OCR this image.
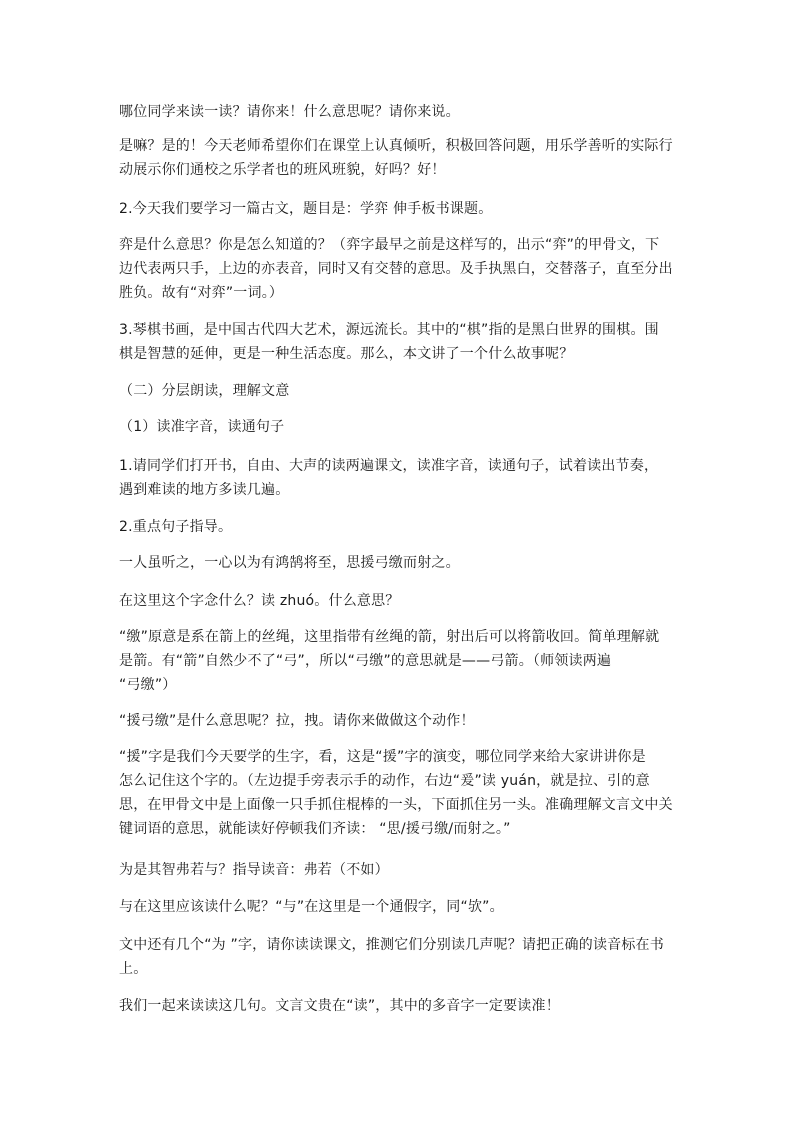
哪位同学来读一读？请你来！什么意思呢？请你来说。

是嘛？是的！今天老师希望你们在课堂上认真倾听，积极回答问题，用乐学善听的实际行
动展示你们通校之乐学者也的班风班貌，好吗？好！

2.今天我们要学习一篇古文，题目是：学弈 伸手板书课题。

弈是什么意思？你是怎么知道的？（弈字最早之前是这样写的，出示“弈”的甲骨文，下
边代表两只手，上边的亦表音，同时又有交替的意思。及手执黑白，交替落子，直至分出
胜负。故有“对弈”一词。）

3.琴棋书画，是中国古代四大艺术，源远流长。其中的“棋”指的是黑白世界的围棋。围
棋是智慧的延伸，更是一种生活态度。那么，本文讲了一个什么故事呢？

（二）分层朗读，理解文意

（1）读准字音，读通句子

1.请同学们打开书，自由、大声的读两遍课文，读准字音，读通句子，试着读出节奏，
遇到难读的地方多读几遍。

2.重点句子指导。

一人虽听之，一心以为有鸿鹄将至，思援弓缴而射之。

在这里这个字念什么？读 zhuó。什么意思？

“缴”原意是系在箭上的丝绳，这里指带有丝绳的箭，射出后可以将箭收回。简单理解就
是箭。有“箭”自然少不了“弓”，所以“弓缴”的意思就是——弓箭。（师领读两遍
“弓缴”）

“援弓缴”是什么意思呢？拉，拽。请你来做做这个动作！

“援”字是我们今天要学的生字，看，这是“援”字的演变，哪位同学来给大家讲讲你是
怎么记住这个字的。（左边提手旁表示手的动作，右边“爰”读 yuán，就是拉、引的意
思，在甲骨文中是上面像一只手抓住棍棒的一头，下面抓住另一头。准确理解文言文中关
键词语的意思，就能读好停顿我们齐读： “思/援弓缴/而射之。”

为是其智弗若与？指导读音：弗若（不如）

与在这里应该读什么呢？“与”在这里是一个通假字，同“欤”。

文中还有几个“为 ”字，请你读读课文，推测它们分别读几声呢？请把正确的读音标在书
上。

我们一起来读读这几句。文言文贵在“读”，其中的多音字一定要读准！
